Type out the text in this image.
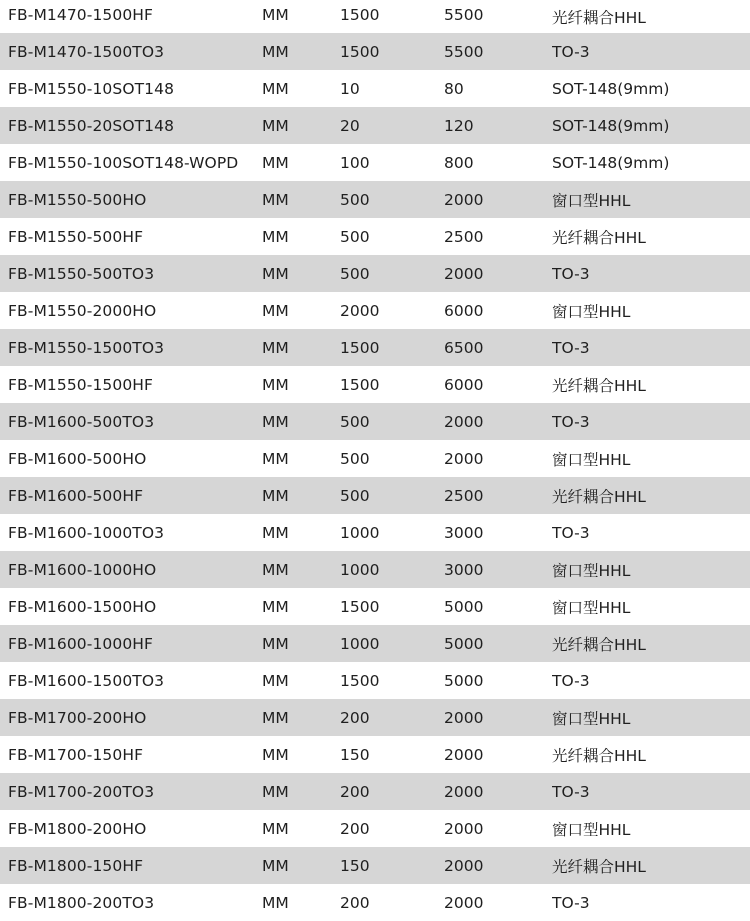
FB-M1470-1500HF	MM	1500	5500	光纤耦合HHL
FB-M1470-1500TO3	MM	1500	5500	TO-3
FB-M1550-10SOT148	MM	10	80	SOT-148(9mm)
FB-M1550-20SOT148	MM	20	120	SOT-148(9mm)
FB-M1550-100SOT148-WOPD	MM	100	800	SOT-148(9mm)
FB-M1550-500HO	MM	500	2000	窗口型HHL
FB-M1550-500HF	MM	500	2500	光纤耦合HHL
FB-M1550-500TO3	MM	500	2000	TO-3
FB-M1550-2000HO	MM	2000	6000	窗口型HHL
FB-M1550-1500TO3	MM	1500	6500	TO-3
FB-M1550-1500HF	MM	1500	6000	光纤耦合HHL
FB-M1600-500TO3	MM	500	2000	TO-3
FB-M1600-500HO	MM	500	2000	窗口型HHL
FB-M1600-500HF	MM	500	2500	光纤耦合HHL
FB-M1600-1000TO3	MM	1000	3000	TO-3
FB-M1600-1000HO	MM	1000	3000	窗口型HHL
FB-M1600-1500HO	MM	1500	5000	窗口型HHL
FB-M1600-1000HF	MM	1000	5000	光纤耦合HHL
FB-M1600-1500TO3	MM	1500	5000	TO-3
FB-M1700-200HO	MM	200	2000	窗口型HHL
FB-M1700-150HF	MM	150	2000	光纤耦合HHL
FB-M1700-200TO3	MM	200	2000	TO-3
FB-M1800-200HO	MM	200	2000	窗口型HHL
FB-M1800-150HF	MM	150	2000	光纤耦合HHL
FB-M1800-200TO3	MM	200	2000	TO-3
